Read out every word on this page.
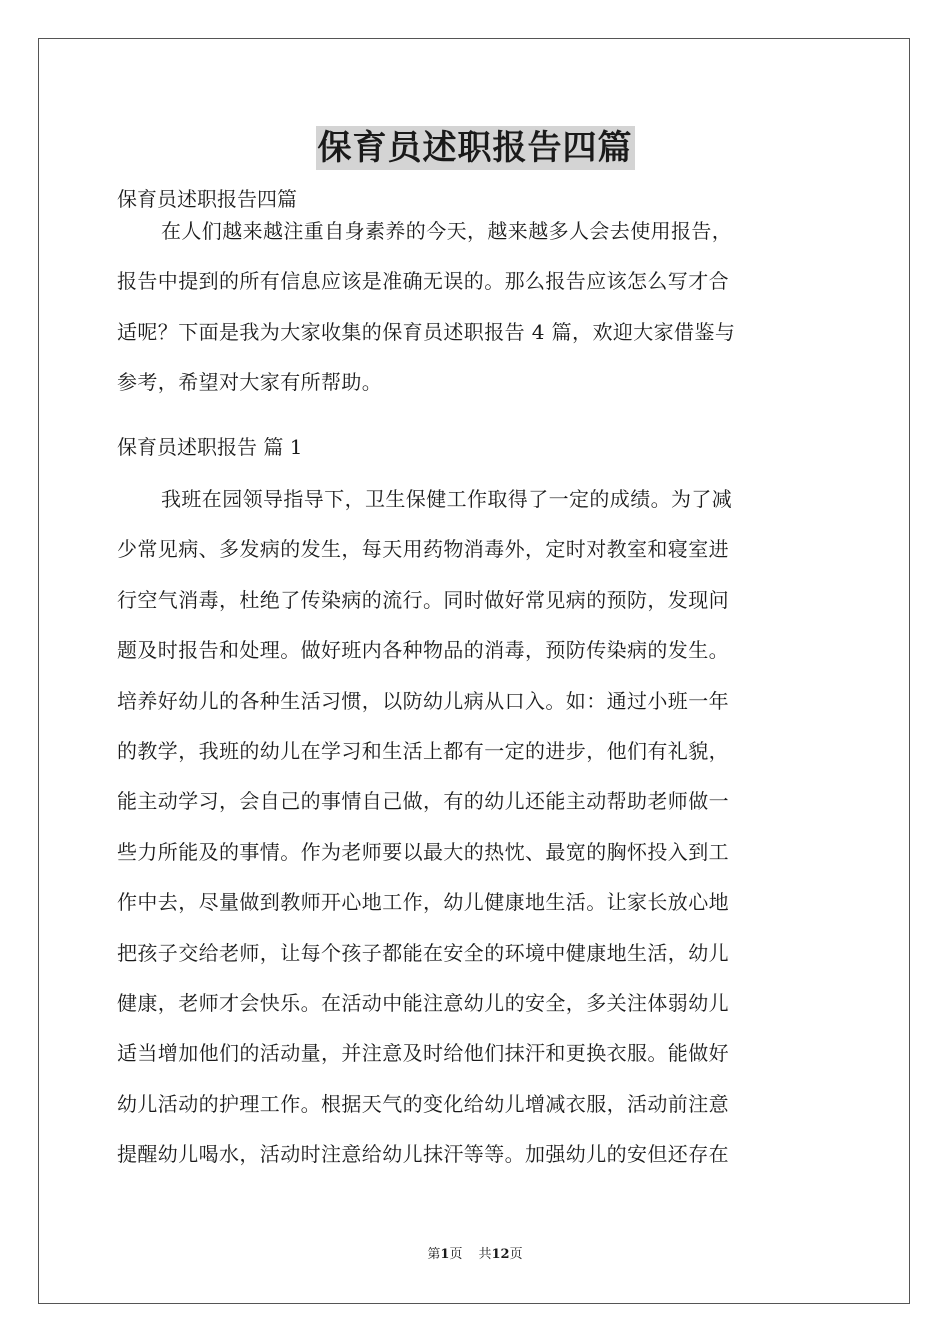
保育员述职报告四篇
保育员述职报告四篇
在人们越来越注重自身素养的今天，越来越多人会去使用报告，
报告中提到的所有信息应该是准确无误的。那么报告应该怎么写才合
适呢？下面是我为大家收集的保育员述职报告 4 篇，欢迎大家借鉴与
参考，希望对大家有所帮助。
保育员述职报告 篇 1
我班在园领导指导下，卫生保健工作取得了一定的成绩。为了减
少常见病、多发病的发生，每天用药物消毒外，定时对教室和寝室进
行空气消毒，杜绝了传染病的流行。同时做好常见病的预防，发现问
题及时报告和处理。做好班内各种物品的消毒，预防传染病的发生。
培养好幼儿的各种生活习惯，以防幼儿病从口入。如：通过小班一年
的教学，我班的幼儿在学习和生活上都有一定的进步，他们有礼貌，
能主动学习，会自己的事情自己做，有的幼儿还能主动帮助老师做一
些力所能及的事情。作为老师要以最大的热忱、最宽的胸怀投入到工
作中去，尽量做到教师开心地工作，幼儿健康地生活。让家长放心地
把孩子交给老师，让每个孩子都能在安全的环境中健康地生活，幼儿
健康，老师才会快乐。在活动中能注意幼儿的安全，多关注体弱幼儿
适当增加他们的活动量，并注意及时给他们抹汗和更换衣服。能做好
幼儿活动的护理工作。根据天气的变化给幼儿增减衣服，活动前注意
提醒幼儿喝水，活动时注意给幼儿抹汗等等。加强幼儿的安但还存在
第1页 共12页
